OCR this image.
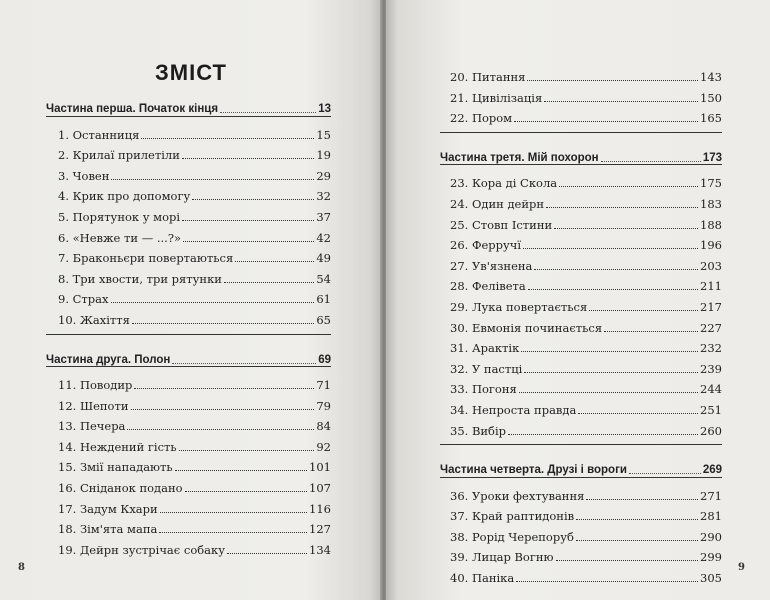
ЗМІСТ
Частина перша. Початок кінця	13
1. Останниця	15
2. Крилаї прилетіли	19
3. Човен	29
4. Крик про допомогу	32
5. Порятунок у морі	37
6. «Невже ти — ...?»	42
7. Браконьєри повертаються	49
8. Три хвости, три рятунки	54
9. Страх	61
10. Жахіття	65
Частина друга. Полон	69
11. Поводир	71
12. Шепоти	79
13. Печера	84
14. Неждений гість	92
15. Змії нападають	101
16. Сніданок подано	107
17. Задум Кхари	116
18. Зім'ята мапа	127
19. Дейрн зустрічає собаку	134
8
20. Питання	143
21. Цивілізація	150
22. Пором	165
Частина третя. Мій похорон	173
23. Кора ді Скола	175
24. Один дейрн	183
25. Стовп Істини	188
26. Ферручї	196
27. Ув'язнена	203
28. Фелівета	211
29. Лука повертається	217
30. Евмонія починається	227
31. Арактік	232
32. У пастці	239
33. Погоня	244
34. Непроста правда	251
35. Вибір	260
Частина четверта. Друзі і вороги	269
36. Уроки фехтування	271
37. Край раптидонів	281
38. Рорід Черепоруб	290
39. Лицар Вогню	299
40. Паніка	305
9
